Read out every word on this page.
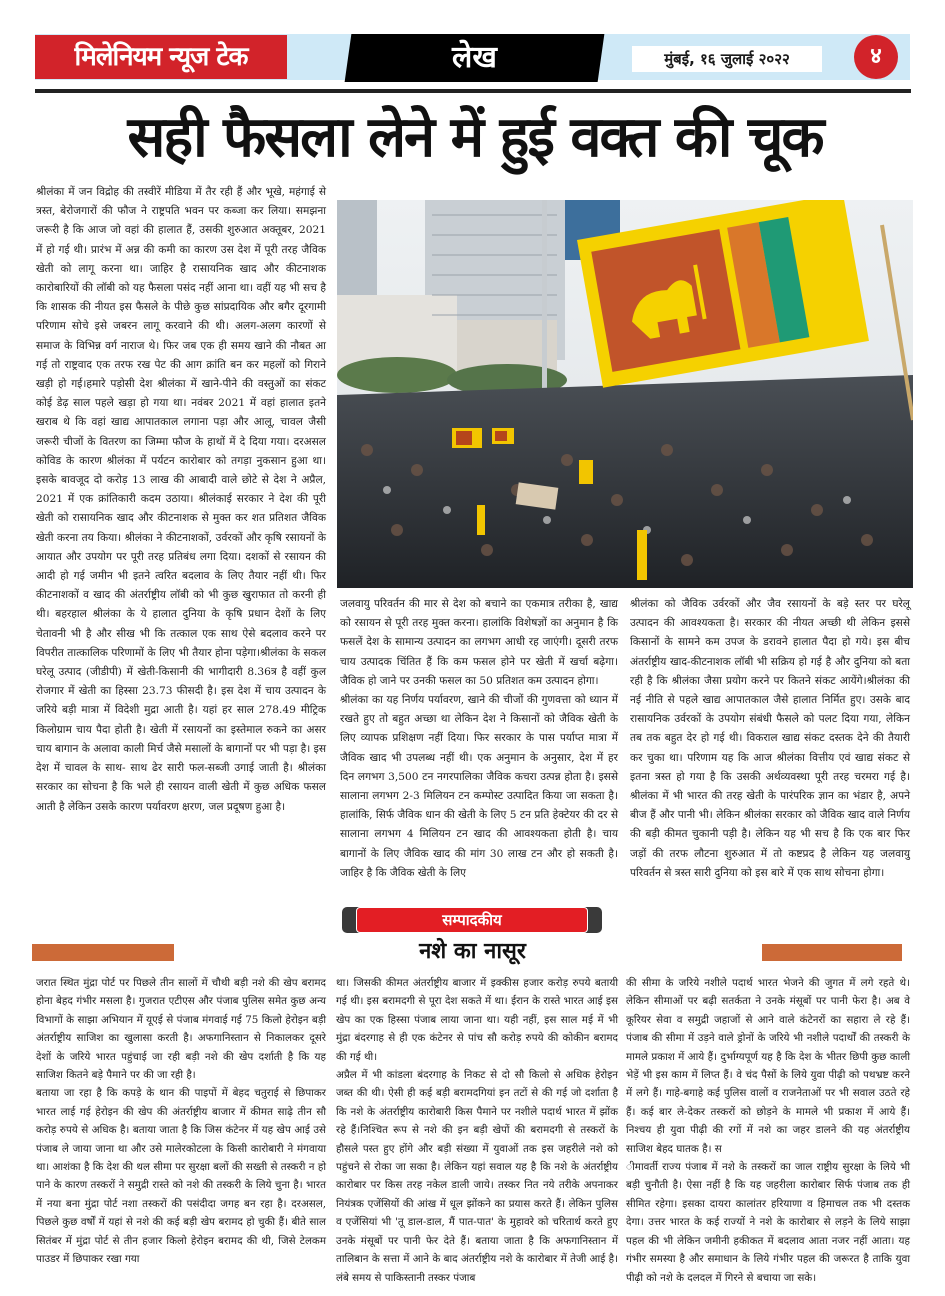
मिलेनियम न्यूज टेक	लेख	मुंबई, १६ जुलाई २०२२	४
सही फैसला लेने में हुई वक्त की चूक

श्रीलंका में जन विद्रोह की तस्वीरें मीडिया में तैर रही हैं और भूखे, महंगाई से त्रस्त, बेरोजगारों की फौज ने राष्ट्रपति भवन पर कब्जा कर लिया। समझना जरूरी है कि आज जो वहां की हालात हैं, उसकी शुरुआत अक्तूबर, 2021 में हो गई थी। प्रारंभ में अन्न की कमी का कारण उस देश में पूरी तरह जैविक खेती को लागू करना था। जाहिर है रासायनिक खाद और कीटनाशक कारोबारियों की लॉबी को यह फैसला पसंद नहीं आना था। वहीं यह भी सच है कि शासक की नीयत इस फैसले के पीछे कुछ सांप्रदायिक और बगैर दूरगामी परिणाम सोचे इसे जबरन लागू करवाने की थी। अलग-अलग कारणों से समाज के विभिन्न वर्ग नाराज थे। फिर जब एक ही समय खाने की नौबत आ गई तो राष्ट्रवाद एक तरफ रख पेट की आग क्रांति बन कर महलों को गिराने खड़ी हो गई।हमारे पड़ोसी देश श्रीलंका में खाने-पीने की वस्तुओं का संकट कोई डेढ़ साल पहले खड़ा हो गया था। नवंबर 2021 में वहां हालात इतने खराब थे कि वहां खाद्य आपातकाल लगाना पड़ा और आलू, चावल जैसी जरूरी चीजों के वितरण का जिम्मा फौज के हाथों में दे दिया गया। दरअसल कोविड के कारण श्रीलंका में पर्यटन कारोबार को तगड़ा नुकसान हुआ था। इसके बावजूद दो करोड़ 13 लाख की आबादी वाले छोटे से देश ने अप्रैल, 2021 में एक क्रांतिकारी कदम उठाया। श्रीलंकाई सरकार ने देश की पूरी खेती को रासायनिक खाद और कीटनाशक से मुक्त कर शत प्रतिशत जैविक खेती करना तय किया। श्रीलंका ने कीटनाशकों, उर्वरकों और कृषि रसायनों के आयात और उपयोग पर पूरी तरह प्रतिबंध लगा दिया। दशकों से रसायन की आदी हो गई जमीन भी इतने त्वरित बदलाव के लिए तैयार नहीं थी। फिर कीटनाशकों व खाद की अंतर्राष्ट्रीय लॉबी को भी कुछ खुराफात तो करनी ही थी। बहरहाल श्रीलंका के ये हालात दुनिया के कृषि प्रधान देशों के लिए चेतावनी भी है और सीख भी कि तत्काल एक साथ ऐसे बदलाव करने पर विपरीत तात्कालिक परिणामों के लिए भी तैयार होना पड़ेगा।श्रीलंका के सकल घरेलू उत्पाद (जीडीपी) में खेती-किसानी की भागीदारी 8.36त्र है वहीं कुल रोजगार में खेती का हिस्सा 23.73 फीसदी है। इस देश में चाय उत्पादन के जरिये बड़ी मात्रा में विदेशी मुद्रा आती है। यहां हर साल 278.49 मीट्रिक किलोग्राम चाय पैदा होती है। खेती में रसायनों का इस्तेमाल रुकने का असर चाय बागान के अलावा काली मिर्च जैसे मसालों के बागानों पर भी पड़ा है। इस देश में चावल के साथ- साथ ढेर सारी फल-सब्जी उगाई जाती है। श्रीलंका सरकार का सोचना है कि भले ही रसायन वाली खेती में कुछ अधिक फसल आती है लेकिन उसके कारण पर्यावरण क्षरण, जल प्रदूषण हुआ है।

जलवायु परिवर्तन की मार से देश को बचाने का एकमात्र तरीका है, खाद्य को रसायन से पूरी तरह मुक्त करना। हालांकि विशेषज्ञों का अनुमान है कि फसलें देश के सामान्य उत्पादन का लगभग आधी रह जाएंगी। दूसरी तरफ चाय उत्पादक चिंतित हैं कि कम फसल होने पर खेती में खर्चा बढ़ेगा। जैविक हो जाने पर उनकी फसल का 50 प्रतिशत कम उत्पादन होगा।

श्रीलंका का यह निर्णय पर्यावरण, खाने की चीजों की गुणवत्ता को ध्यान में रखते हुए तो बहुत अच्छा था लेकिन देश ने किसानों को जैविक खेती के लिए व्यापक प्रशिक्षण नहीं दिया। फिर सरकार के पास पर्याप्त मात्रा में जैविक खाद भी उपलब्ध नहीं थी। एक अनुमान के अनुसार, देश में हर दिन लगभग 3,500 टन नगरपालिका जैविक कचरा उत्पन्न होता है। इससे सालाना लगभग 2-3 मिलियन टन कम्पोस्ट उत्पादित किया जा सकता है। हालांकि, सिर्फ जैविक धान की खेती के लिए 5 टन प्रति हेक्टेयर की दर से सालाना लगभग 4 मिलियन टन खाद की आवश्यकता होती है। चाय बागानों के लिए जैविक खाद की मांग 30 लाख टन और हो सकती है। जाहिर है कि जैविक खेती के लिए

श्रीलंका को जैविक उर्वरकों और जैव रसायनों के बड़े स्तर पर घरेलू उत्पादन की आवश्यकता है। सरकार की नीयत अच्छी थी लेकिन इससे किसानों के सामने कम उपज के डरावने हालात पैदा हो गये। इस बीच अंतर्राष्ट्रीय खाद-कीटनाशक लॉबी भी सक्रिय हो गई है और दुनिया को बता रही है कि श्रीलंका जैसा प्रयोग करने पर कितने संकट आयेंगे।श्रीलंका की नई नीति से पहले खाद्य आपातकाल जैसे हालात निर्मित हुए। उसके बाद रासायनिक उर्वरकों के उपयोग संबंधी फैसले को पलट दिया गया, लेकिन तब तक बहुत देर हो गई थी। विकराल खाद्य संकट दस्तक देने की तैयारी कर चुका था। परिणाम यह कि आज श्रीलंका वित्तीय एवं खाद्य संकट से इतना त्रस्त हो गया है कि उसकी अर्थव्यवस्था पूरी तरह चरमरा गई है।श्रीलंका में भी भारत की तरह खेती के पारंपरिक ज्ञान का भंडार है, अपने बीज हैं और पानी भी। लेकिन श्रीलंका सरकार को जैविक खाद वाले निर्णय की बड़ी कीमत चुकानी पड़ी है। लेकिन यह भी सच है कि एक बार फिर जड़ों की तरफ लौटना शुरुआत में तो कष्टप्रद है लेकिन यह जलवायु परिवर्तन से त्रस्त सारी दुनिया को इस बारे में एक साथ सोचना होगा।

सम्पादकीय
नशे का नासूर

जरात स्थित मुंद्रा पोर्ट पर पिछले तीन सालों में चौथी बड़ी नशे की खेप बरामद होना बेहद गंभीर मसला है। गुजरात एटीएस और पंजाब पुलिस समेत कुछ अन्य विभागों के साझा अभियान में यूएई से पंजाब मंगवाई गई 75 किलो हेरोइन बड़ी अंतर्राष्ट्रीय साजिश का खुलासा करती है। अफगानिस्तान से निकालकर दूसरे देशों के जरिये भारत पहुंचाई जा रही बड़ी नशे की खेप दर्शाती है कि यह साजिश कितने बड़े पैमाने पर की जा रही है।

बताया जा रहा है कि कपड़े के थान की पाइपों में बेहद चतुराई से छिपाकर भारत लाई गई हेरोइन की खेप की अंतर्राष्ट्रीय बाजार में कीमत साढ़े तीन सौ करोड़ रुपये से अधिक है। बताया जाता है कि जिस कंटेनर में यह खेप आई उसे पंजाब ले जाया जाना था और उसे मालेरकोटला के किसी कारोबारी ने मंगवाया था। आशंका है कि देश की थल सीमा पर सुरक्षा बलों की सख्ती से तस्करी न हो पाने के कारण तस्करों ने समुद्री रास्ते को नशे की तस्करी के लिये चुना है। भारत में नया बना मुंद्रा पोर्ट नशा तस्करों की पसंदीदा जगह बन रहा है। दरअसल, पिछले कुछ वर्षों में यहां से नशे की कई बड़ी खेप बरामद हो चुकी हैं। बीते साल सितंबर में मुंद्रा पोर्ट से तीन हजार किलो हेरोइन बरामद की थी, जिसे टेलकम पाउडर में छिपाकर रखा गया

था। जिसकी कीमत अंतर्राष्ट्रीय बाजार में इक्कीस हजार करोड़ रुपये बतायी गई थी। इस बरामदगी से पूरा देश सकते में था। ईरान के रास्ते भारत आई इस खेप का एक हिस्सा पंजाब लाया जाना था। यही नहीं, इस साल मई में भी मुंद्रा बंदरगाह से ही एक कंटेनर से पांच सौ करोड़ रुपये की कोकीन बरामद की गई थी।

अप्रैल में भी कांडला बंदरगाह के निकट से दो सौ किलो से अधिक हेरोइन जब्त की थी। ऐसी ही कई बड़ी बरामदगियां इन तटों से की गई जो दर्शाता है कि नशे के अंतर्राष्ट्रीय कारोबारी किस पैमाने पर नशीले पदार्थ भारत में झोंक रहे हैं।निश्चित रूप से नशे की इन बड़ी खेपों की बरामदगी से तस्करों के हौसले पस्त हुए होंगे और बड़ी संख्या में युवाओं तक इस जहरीले नशे को पहुंचने से रोका जा सका है। लेकिन यहां सवाल यह है कि नशे के अंतर्राष्ट्रीय कारोबार पर किस तरह नकेल डाली जाये। तस्कर नित नये तरीके अपनाकर नियंत्रक एजेंसियों की आंख में धूल झोंकने का प्रयास करते हैं। लेकिन पुलिस व एजेंसियां भी 'तू डाल-डाल, मैं पात-पात' के मुहावरे को चरितार्थ करते हुए उनके मंसूबों पर पानी फेर देते हैं। बताया जाता है कि अफगानिस्तान में तालिबान के सत्ता में आने के बाद अंतर्राष्ट्रीय नशे के कारोबार में तेजी आई है। लंबे समय से पाकिस्तानी तस्कर पंजाब

की सीमा के जरिये नशीले पदार्थ भारत भेजने की जुगत में लगे रहते थे। लेकिन सीमाओं पर बढ़ी सतर्कता ने उनके मंसूबों पर पानी फेरा है। अब वे कूरियर सेवा व समुद्री जहाजों से आने वाले कंटेनरों का सहारा ले रहे हैं। पंजाब की सीमा में उड़ने वाले ड्रोनों के जरिये भी नशीले पदार्थों की तस्करी के मामले प्रकाश में आये हैं। दुर्भाग्यपूर्ण यह है कि देश के भीतर छिपी कुछ काली भेड़ें भी इस काम में लिप्त हैं। वे चंद पैसों के लिये युवा पीढ़ी को पथभ्रष्ट करने में लगे हैं। गाहे-बगाहे कई पुलिस वालों व राजनेताओं पर भी सवाल उठते रहे हैं। कई बार ले-देकर तस्करों को छोड़ने के मामले भी प्रकाश में आये हैं। निश्चय ही युवा पीढ़ी की रगों में नशे का जहर डालने की यह अंतर्राष्ट्रीय साजिश बेहद घातक है। स

ीमावर्ती राज्य पंजाब में नशे के तस्करों का जाल राष्ट्रीय सुरक्षा के लिये भी बड़ी चुनौती है। ऐसा नहीं है कि यह जहरीला कारोबार सिर्फ पंजाब तक ही सीमित रहेगा। इसका दायरा कालांतर हरियाणा व हिमाचल तक भी दस्तक देगा। उत्तर भारत के कई राज्यों ने नशे के कारोबार से लड़ने के लिये साझा पहल की भी लेकिन जमीनी हकीकत में बदलाव आता नजर नहीं आता। यह गंभीर समस्या है और समाधान के लिये गंभीर पहल की जरूरत है ताकि युवा पीढ़ी को नशे के दलदल में गिरने से बचाया जा सके।
